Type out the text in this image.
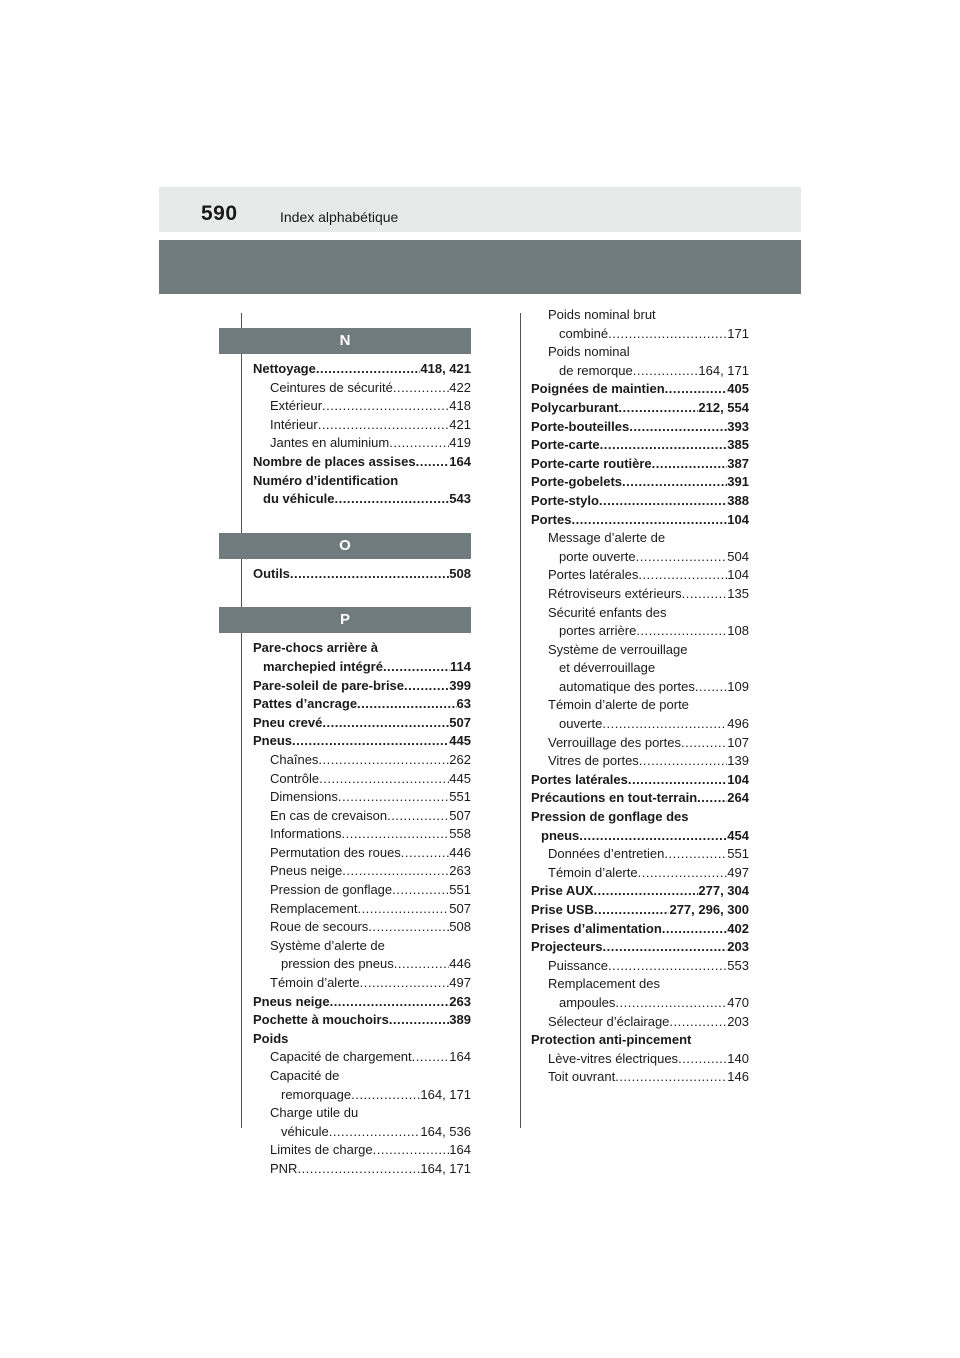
590	Index alphabétique
N
Nettoyage .....	418, 421
Ceintures de sécurité .....	422
Extérieur .....	418
Intérieur .....	421
Jantes en aluminium .....	419
Nombre de places assises .....	164
Numéro d’identification
du véhicule .....	543
O
Outils .....	508
P
Pare-chocs arrière à
marchepied intégré .....	114
Pare-soleil de pare-brise .....	399
Pattes d’ancrage .....	63
Pneu crevé .....	507
Pneus .....	445
Chaînes .....	262
Contrôle .....	445
Dimensions .....	551
En cas de crevaison .....	507
Informations .....	558
Permutation des roues .....	446
Pneus neige .....	263
Pression de gonflage .....	551
Remplacement .....	507
Roue de secours .....	508
Système d’alerte de
pression des pneus .....	446
Témoin d’alerte .....	497
Pneus neige .....	263
Pochette à mouchoirs .....	389
Poids
Capacité de chargement .....	164
Capacité de
remorquage .....	164, 171
Charge utile du
véhicule .....	164, 536
Limites de charge .....	164
PNR .....	164, 171
Poids nominal brut
combiné .....	171
Poids nominal
de remorque .....	164, 171
Poignées de maintien .....	405
Polycarburant .....	212, 554
Porte-bouteilles .....	393
Porte-carte .....	385
Porte-carte routière .....	387
Porte-gobelets .....	391
Porte-stylo .....	388
Portes .....	104
Message d’alerte de
porte ouverte .....	504
Portes latérales .....	104
Rétroviseurs extérieurs .....	135
Sécurité enfants des
portes arrière .....	108
Système de verrouillage
et déverrouillage
automatique des portes ..... 109
Témoin d’alerte de porte
ouverte .....	496
Verrouillage des portes .....	107
Vitres de portes .....	139
Portes latérales .....	104
Précautions en tout-terrain ..... 264
Pression de gonflage des
pneus .....	454
Données d’entretien .....	551
Témoin d’alerte .....	497
Prise AUX .....	277, 304
Prise USB .....	277, 296, 300
Prises d’alimentation .....	402
Projecteurs .....	203
Puissance .....	553
Remplacement des
ampoules .....	470
Sélecteur d’éclairage .....	203
Protection anti-pincement
Lève-vitres électriques .....	140
Toit ouvrant .....	146
